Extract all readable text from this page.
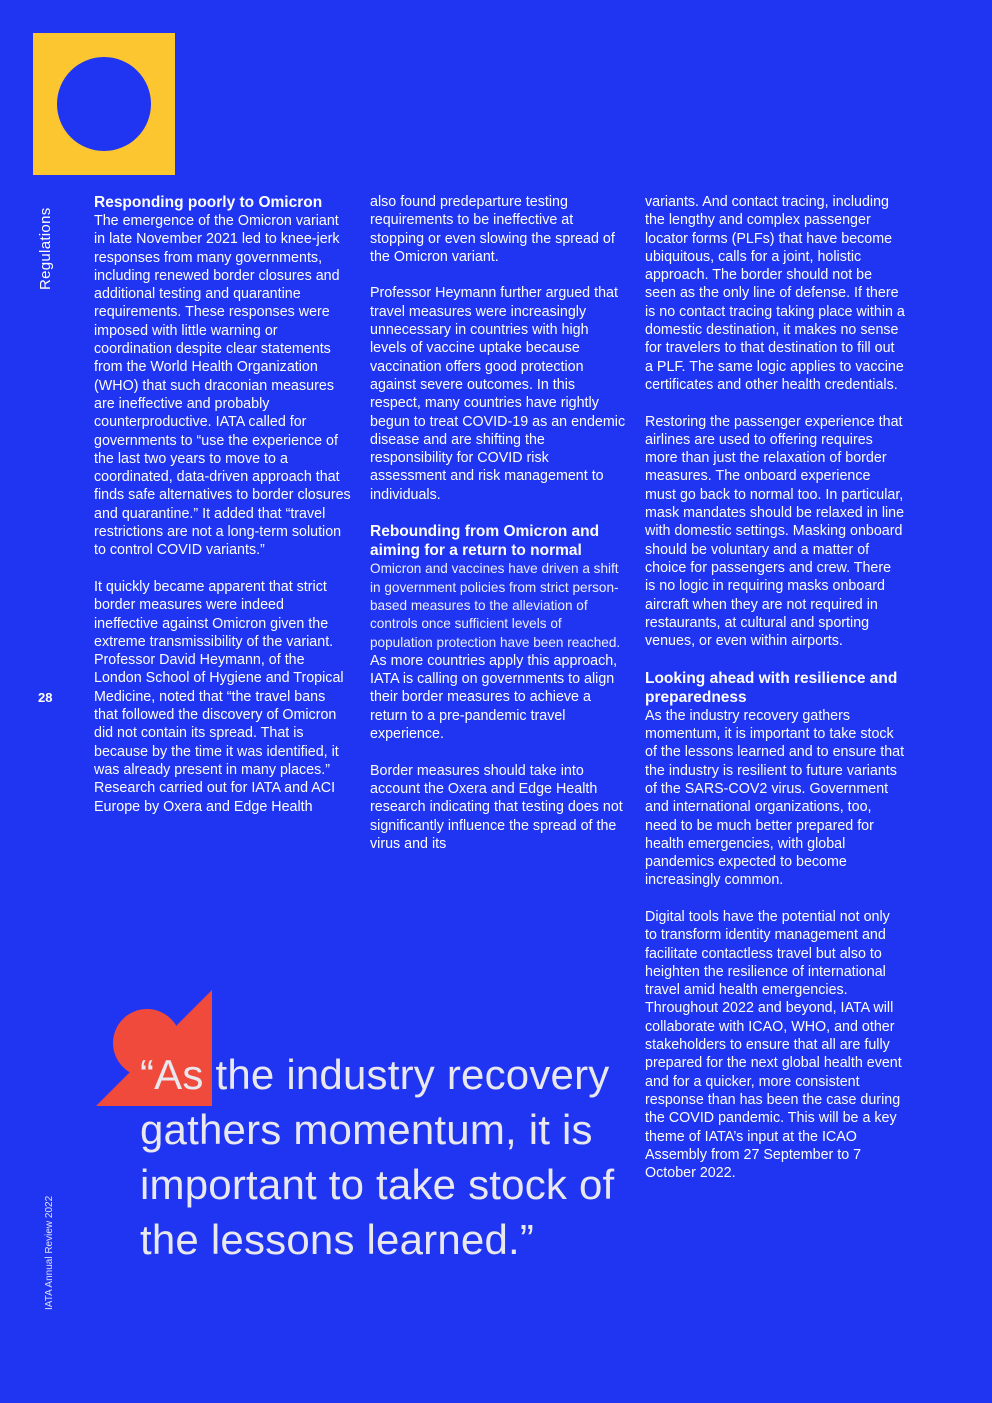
Regulations
28
IATA Annual Review 2022
Responding poorly to Omicron

The emergence of the Omicron variant in late November 2021 led to knee-jerk responses from many governments, including renewed border closures and additional testing and quarantine requirements. These responses were imposed with little warning or coordination despite clear statements from the World Health Organization (WHO) that such draconian measures are ineffective and probably counterproductive. IATA called for governments to “use the experience of the last two years to move to a coordinated, data-driven approach that finds safe alternatives to border closures and quarantine.” It added that “travel restrictions are not a long-term solution to control COVID variants.”

It quickly became apparent that strict border measures were indeed ineffective against Omicron given the extreme transmissibility of the variant. Professor David Heymann, of the London School of Hygiene and Tropical Medicine, noted that “the travel bans that followed the discovery of Omicron did not contain its spread. That is because by the time it was identified, it was already present in many places.” Research carried out for IATA and ACI Europe by Oxera and Edge Health

also found predeparture testing requirements to be ineffective at stopping or even slowing the spread of the Omicron variant.

Professor Heymann further argued that travel measures were increasingly unnecessary in countries with high levels of vaccine uptake because vaccination offers good protection against severe outcomes. In this respect, many countries have rightly begun to treat COVID-19 as an endemic disease and are shifting the responsibility for COVID risk assessment and risk management to individuals.

Rebounding from Omicron and aiming for a return to normal

Omicron and vaccines have driven a shift in government policies from strict person-based measures to the alleviation of controls once sufficient levels of population protection have been reached. As more countries apply this approach, IATA is calling on governments to align their border measures to achieve a return to a pre-pandemic travel experience.

Border measures should take into account the Oxera and Edge Health research indicating that testing does not significantly influence the spread of the virus and its

variants. And contact tracing, including the lengthy and complex passenger locator forms (PLFs) that have become ubiquitous, calls for a joint, holistic approach. The border should not be seen as the only line of defense. If there is no contact tracing taking place within a domestic destination, it makes no sense for travelers to that destination to fill out a PLF. The same logic applies to vaccine certificates and other health credentials.

Restoring the passenger experience that airlines are used to offering requires more than just the relaxation of border measures. The onboard experience must go back to normal too. In particular, mask mandates should be relaxed in line with domestic settings. Masking onboard should be voluntary and a matter of choice for passengers and crew. There is no logic in requiring masks onboard aircraft when they are not required in restaurants, at cultural and sporting venues, or even within airports.

Looking ahead with resilience and preparedness

As the industry recovery gathers momentum, it is important to take stock of the lessons learned and to ensure that the industry is resilient to future variants of the SARS-COV2 virus. Government and international organizations, too, need to be much better prepared for health emergencies, with global pandemics expected to become increasingly common.

Digital tools have the potential not only to transform identity management and facilitate contactless travel but also to heighten the resilience of international travel amid health emergencies. Throughout 2022 and beyond, IATA will collaborate with ICAO, WHO, and other stakeholders to ensure that all are fully prepared for the next global health event and for a quicker, more consistent response than has been the case during the COVID pandemic. This will be a key theme of IATA’s input at the ICAO Assembly from 27 September to 7 October 2022.

“As the industry recovery gathers momentum, it is important to take stock of the lessons learned.”
